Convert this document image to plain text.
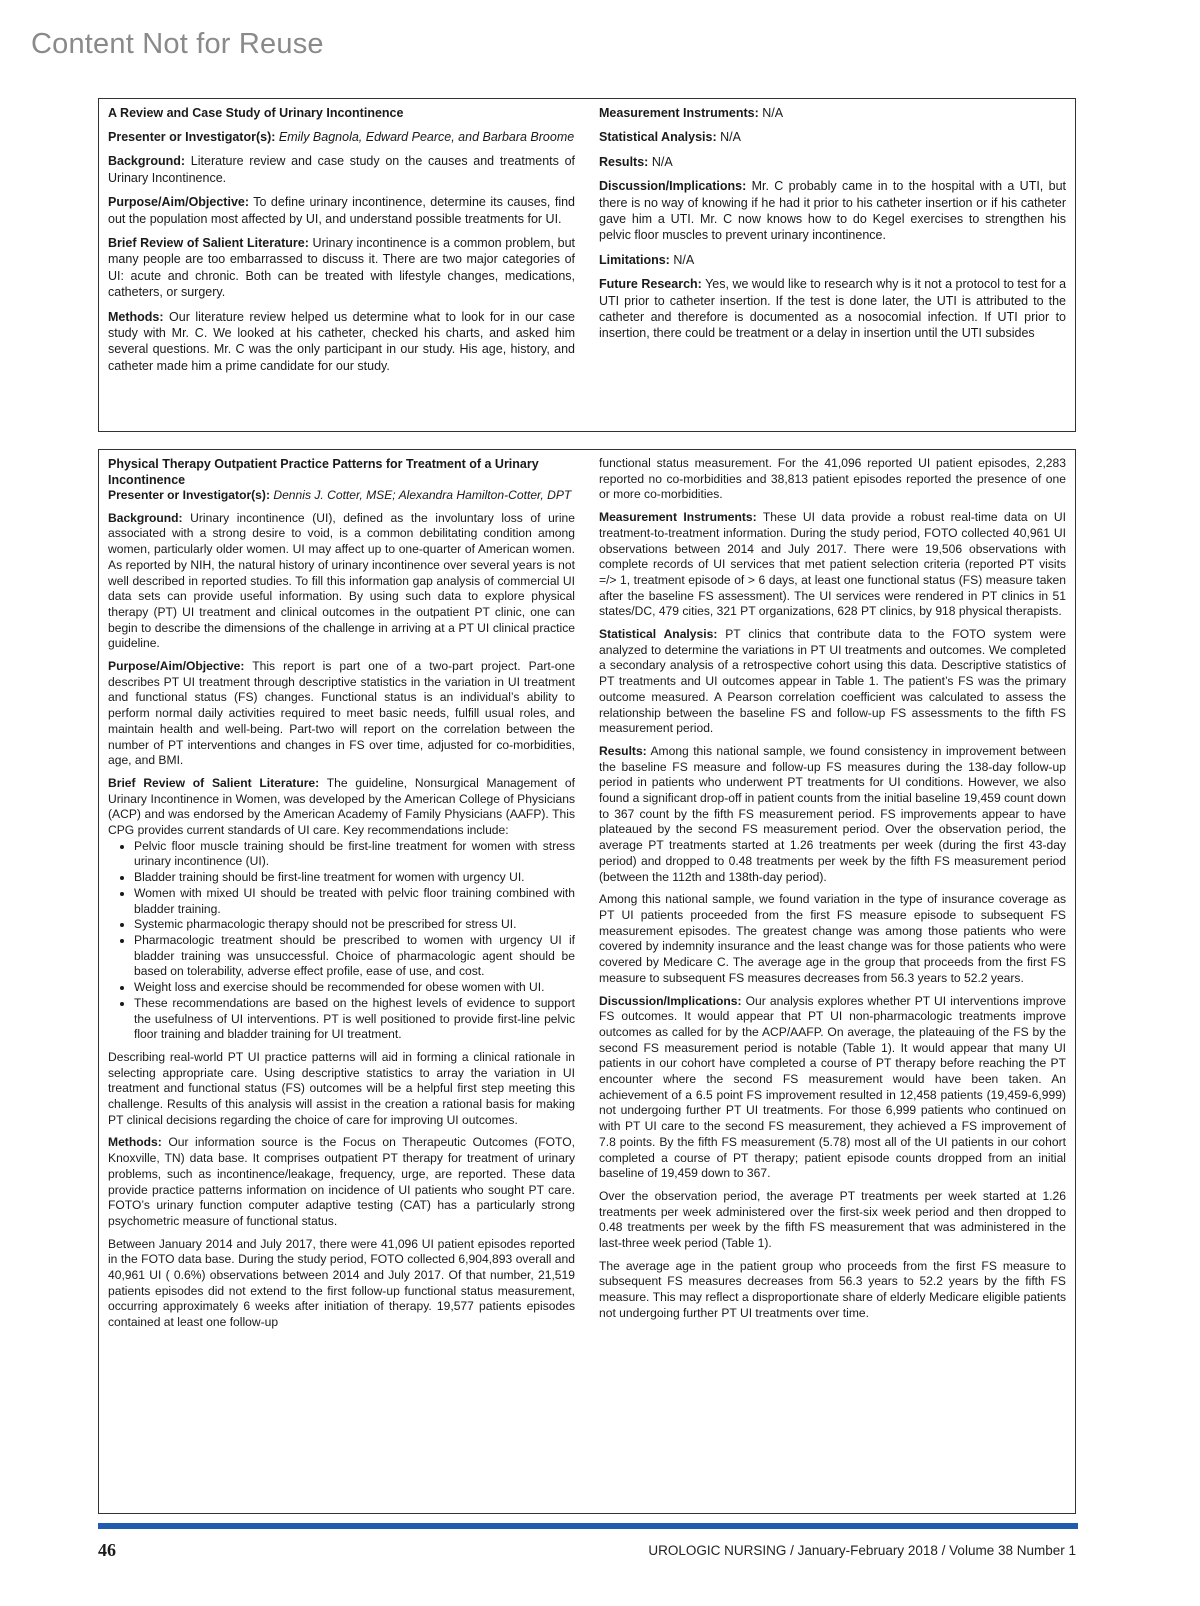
Content Not for Reuse
A Review and Case Study of Urinary Incontinence

Presenter or Investigator(s): Emily Bagnola, Edward Pearce, and Barbara Broome

Background: Literature review and case study on the causes and treatments of Urinary Incontinence.

Purpose/Aim/Objective: To define urinary incontinence, determine its causes, find out the population most affected by UI, and understand possible treatments for UI.

Brief Review of Salient Literature: Urinary incontinence is a common problem, but many people are too embarrassed to discuss it. There are two major categories of UI: acute and chronic. Both can be treated with lifestyle changes, medications, catheters, or surgery.

Methods: Our literature review helped us determine what to look for in our case study with Mr. C. We looked at his catheter, checked his charts, and asked him several questions. Mr. C was the only participant in our study. His age, history, and catheter made him a prime candidate for our study.

Measurement Instruments: N/A

Statistical Analysis: N/A

Results: N/A

Discussion/Implications: Mr. C probably came in to the hospital with a UTI, but there is no way of knowing if he had it prior to his catheter insertion or if his catheter gave him a UTI. Mr. C now knows how to do Kegel exercises to strengthen his pelvic floor muscles to prevent urinary incontinence.

Limitations: N/A

Future Research: Yes, we would like to research why is it not a protocol to test for a UTI prior to catheter insertion. If the test is done later, the UTI is attributed to the catheter and therefore is documented as a nosocomial infection. If UTI prior to insertion, there could be treatment or a delay in insertion until the UTI subsides

Physical Therapy Outpatient Practice Patterns for Treatment of a Urinary Incontinence

Presenter or Investigator(s): Dennis J. Cotter, MSE; Alexandra Hamilton-Cotter, DPT

Background: Urinary incontinence (UI), defined as the involuntary loss of urine associated with a strong desire to void, is a common debilitating condition among women, particularly older women. UI may affect up to one-quarter of American women. As reported by NIH, the natural history of urinary incontinence over several years is not well described in reported studies. To fill this information gap analysis of commercial UI data sets can provide useful information. By using such data to explore physical therapy (PT) UI treatment and clinical outcomes in the outpatient PT clinic, one can begin to describe the dimensions of the challenge in arriving at a PT UI clinical practice guideline.

Purpose/Aim/Objective: This report is part one of a two-part project. Part-one describes PT UI treatment through descriptive statistics in the variation in UI treatment and functional status (FS) changes. Functional status is an individual’s ability to perform normal daily activities required to meet basic needs, fulfill usual roles, and maintain health and well-being. Part-two will report on the correlation between the number of PT interventions and changes in FS over time, adjusted for co-morbidities, age, and BMI.

Brief Review of Salient Literature: The guideline, Nonsurgical Management of Urinary Incontinence in Women, was developed by the American College of Physicians (ACP) and was endorsed by the American Academy of Family Physicians (AAFP). This CPG provides current standards of UI care. Key recommendations include:

• Pelvic floor muscle training should be first-line treatment for women with stress urinary incontinence (UI).
• Bladder training should be first-line treatment for women with urgency UI.
• Women with mixed UI should be treated with pelvic floor training combined with bladder training.
• Systemic pharmacologic therapy should not be prescribed for stress UI.
• Pharmacologic treatment should be prescribed to women with urgency UI if bladder training was unsuccessful. Choice of pharmacologic agent should be based on tolerability, adverse effect profile, ease of use, and cost.
• Weight loss and exercise should be recommended for obese women with UI.
• These recommendations are based on the highest levels of evidence to support the usefulness of UI interventions. PT is well positioned to provide first-line pelvic floor training and bladder training for UI treatment.

Describing real-world PT UI practice patterns will aid in forming a clinical rationale in selecting appropriate care. Using descriptive statistics to array the variation in UI treatment and functional status (FS) outcomes will be a helpful first step meeting this challenge. Results of this analysis will assist in the creation a rational basis for making PT clinical decisions regarding the choice of care for improving UI outcomes.

Methods: Our information source is the Focus on Therapeutic Outcomes (FOTO, Knoxville, TN) data base. It comprises outpatient PT therapy for treatment of urinary problems, such as incontinence/leakage, frequency, urge, are reported. These data provide practice patterns information on incidence of UI patients who sought PT care. FOTO’s urinary function computer adaptive testing (CAT) has a particularly strong psychometric measure of functional status.

Between January 2014 and July 2017, there were 41,096 UI patient episodes reported in the FOTO data base. During the study period, FOTO collected 6,904,893 overall and 40,961 UI ( 0.6%) observations between 2014 and July 2017. Of that number, 21,519 patients episodes did not extend to the first follow-up functional status measurement, occurring approximately 6 weeks after initiation of therapy. 19,577 patients episodes contained at least one follow-up

functional status measurement. For the 41,096 reported UI patient episodes, 2,283 reported no co-morbidities and 38,813 patient episodes reported the presence of one or more co-morbidities.

Measurement Instruments: These UI data provide a robust real-time data on UI treatment-to-treatment information. During the study period, FOTO collected 40,961 UI observations between 2014 and July 2017. There were 19,506 observations with complete records of UI services that met patient selection criteria (reported PT visits =/> 1, treatment episode of > 6 days, at least one functional status (FS) measure taken after the baseline FS assessment). The UI services were rendered in PT clinics in 51 states/DC, 479 cities, 321 PT organizations, 628 PT clinics, by 918 physical therapists.

Statistical Analysis: PT clinics that contribute data to the FOTO system were analyzed to determine the variations in PT UI treatments and outcomes. We completed a secondary analysis of a retrospective cohort using this data. Descriptive statistics of PT treatments and UI outcomes appear in Table 1. The patient’s FS was the primary outcome measured. A Pearson correlation coefficient was calculated to assess the relationship between the baseline FS and follow-up FS assessments to the fifth FS measurement period.

Results: Among this national sample, we found consistency in improvement between the baseline FS measure and follow-up FS measures during the 138-day follow-up period in patients who underwent PT treatments for UI conditions. However, we also found a significant drop-off in patient counts from the initial baseline 19,459 count down to 367 count by the fifth FS measurement period. FS improvements appear to have plateaued by the second FS measurement period. Over the observation period, the average PT treatments started at 1.26 treatments per week (during the first 43-day period) and dropped to 0.48 treatments per week by the fifth FS measurement period (between the 112th and 138th-day period).

Among this national sample, we found variation in the type of insurance coverage as PT UI patients proceeded from the first FS measure episode to subsequent FS measurement episodes. The greatest change was among those patients who were covered by indemnity insurance and the least change was for those patients who were covered by Medicare C. The average age in the group that proceeds from the first FS measure to subsequent FS measures decreases from 56.3 years to 52.2 years.

Discussion/Implications: Our analysis explores whether PT UI interventions improve FS outcomes. It would appear that PT UI non-pharmacologic treatments improve outcomes as called for by the ACP/AAFP. On average, the plateauing of the FS by the second FS measurement period is notable (Table 1). It would appear that many UI patients in our cohort have completed a course of PT therapy before reaching the PT encounter where the second FS measurement would have been taken. An achievement of a 6.5 point FS improvement resulted in 12,458 patients (19,459-6,999) not undergoing further PT UI treatments. For those 6,999 patients who continued on with PT UI care to the second FS measurement, they achieved a FS improvement of 7.8 points. By the fifth FS measurement (5.78) most all of the UI patients in our cohort completed a course of PT therapy; patient episode counts dropped from an initial baseline of 19,459 down to 367.

Over the observation period, the average PT treatments per week started at 1.26 treatments per week administered over the first-six week period and then dropped to 0.48 treatments per week by the fifth FS measurement that was administered in the last-three week period (Table 1).

The average age in the patient group who proceeds from the first FS measure to subsequent FS measures decreases from 56.3 years to 52.2 years by the fifth FS measure. This may reflect a disproportionate share of elderly Medicare eligible patients not undergoing further PT UI treatments over time.

46	UROLOGIC NURSING / January-February 2018 / Volume 38 Number 1
